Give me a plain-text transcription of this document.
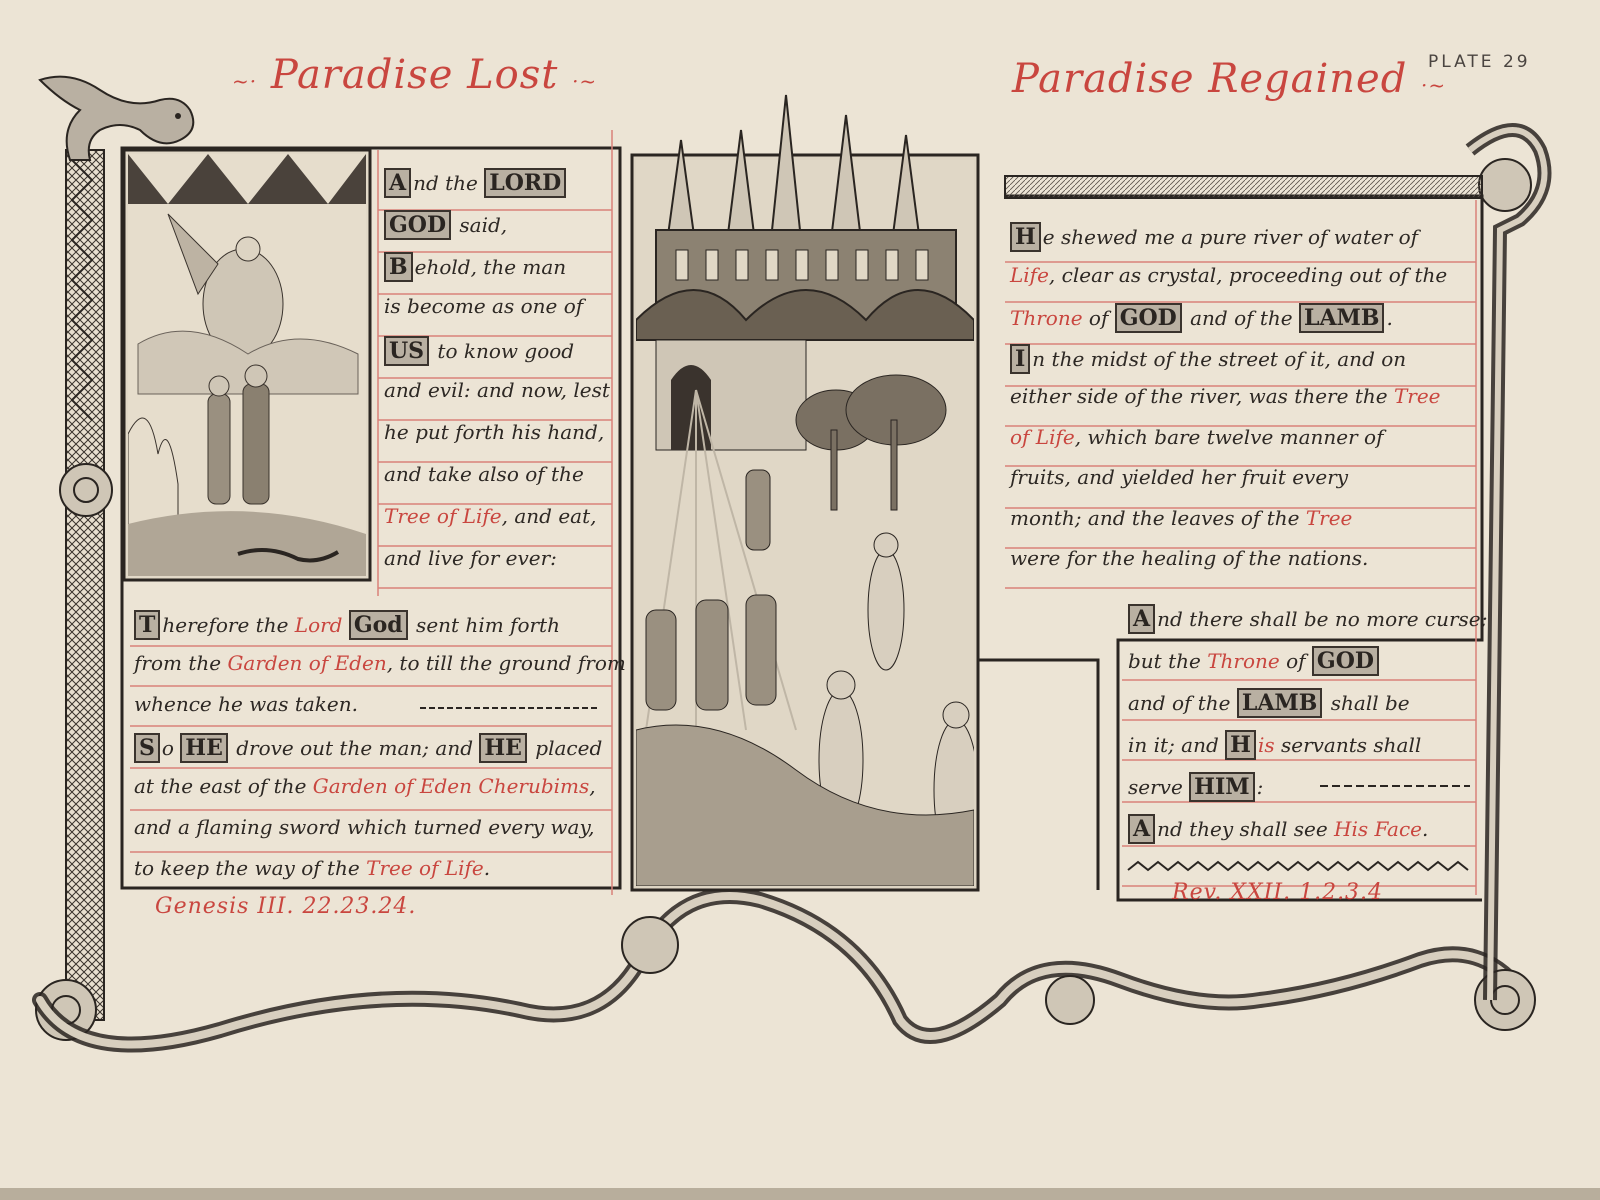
PLATE 29
~· Paradise Lost ·~	Paradise Regained ·~
A nd the LORD
GOD said,
B ehold, the man
is become as one of
US to know good
and evil: and now, lest
he put forth his hand,
and take also of the
Tree of Life, and eat,
and live for ever:
T herefore the Lord God sent him forth
from the Garden of Eden, to till the ground from
whence he was taken.
S o HE drove out the man; and HE placed
at the east of the Garden of Eden Cherubims,
and a flaming sword which turned every way,
to keep the way of the Tree of Life.
H e shewed me a pure river of water of
Life, clear as crystal, proceeding out of the
Throne of GOD and of the LAMB .
I n the midst of the street of it, and on
either side of the river, was there the Tree
of Life, which bare twelve manner of
fruits, and yielded her fruit every
month; and the leaves of the Tree
were for the healing of the nations.
A nd there shall be no more curse;
but the Throne of GOD
and of the LAMB shall be
in it; and H is servants shall
serve HIM :
A nd they shall see His Face.
Genesis III. 22.23.24.
Rev. XXII. 1.2.3.4
